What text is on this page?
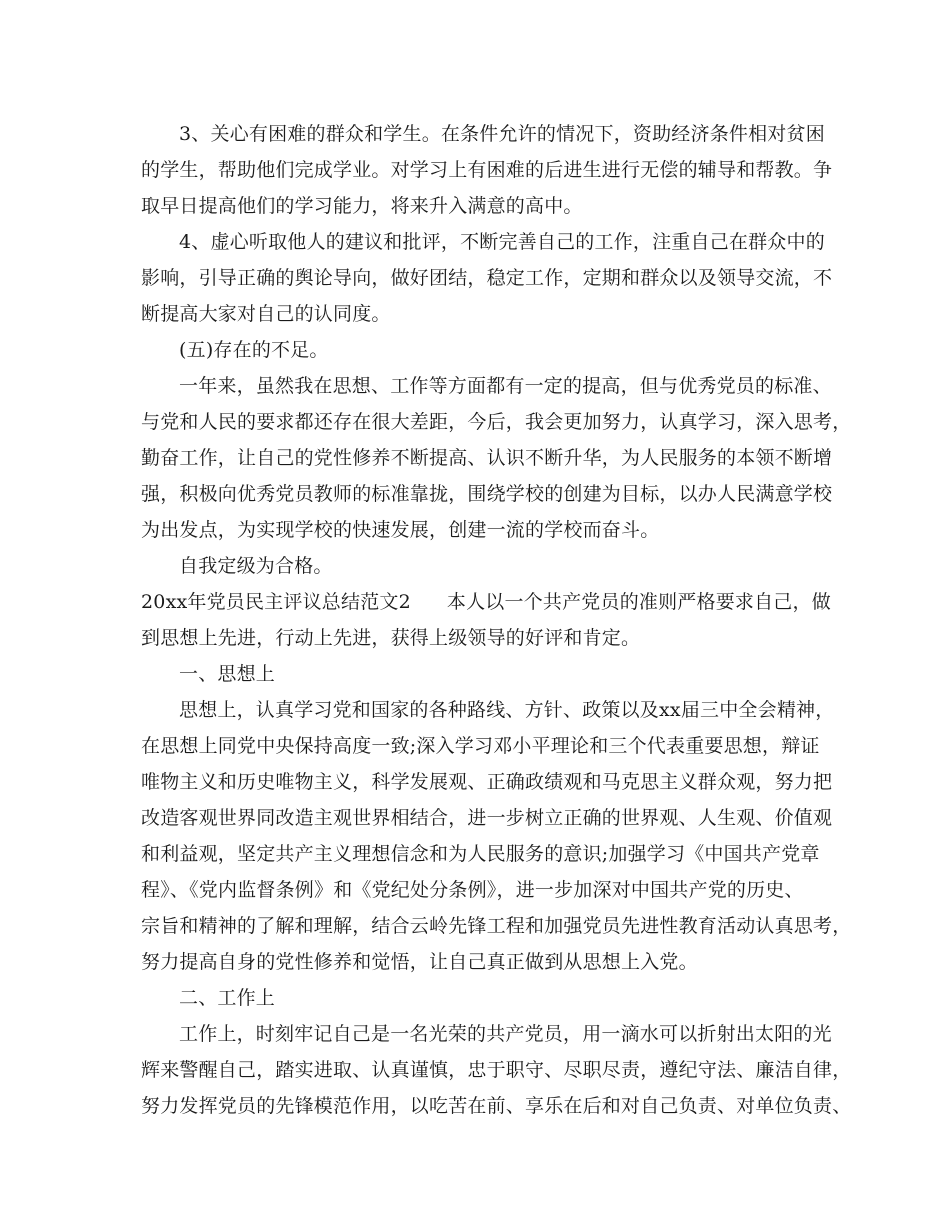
3、关心有困难的群众和学生。在条件允许的情况下，资助经济条件相对贫困
的学生，帮助他们完成学业。对学习上有困难的后进生进行无偿的辅导和帮教。争
取早日提高他们的学习能力，将来升入满意的高中。
4、虚心听取他人的建议和批评，不断完善自己的工作，注重自己在群众中的
影响，引导正确的舆论导向，做好团结，稳定工作，定期和群众以及领导交流，不
断提高大家对自己的认同度。
(五)存在的不足。
一年来，虽然我在思想、工作等方面都有一定的提高，但与优秀党员的标准、
与党和人民的要求都还存在很大差距，今后，我会更加努力，认真学习，深入思考，
勤奋工作，让自己的党性修养不断提高、认识不断升华，为人民服务的本领不断增
强，积极向优秀党员教师的标准靠拢，围绕学校的创建为目标，以办人民满意学校
为出发点，为实现学校的快速发展，创建一流的学校而奋斗。
自我定级为合格。
20xx年党员民主评议总结范文2 本人以一个共产党员的准则严格要求自己，做
到思想上先进，行动上先进，获得上级领导的好评和肯定。
一、思想上
思想上，认真学习党和国家的各种路线、方针、政策以及xx届三中全会精神，
在思想上同党中央保持高度一致;深入学习邓小平理论和三个代表重要思想，辩证
唯物主义和历史唯物主义，科学发展观、正确政绩观和马克思主义群众观，努力把
改造客观世界同改造主观世界相结合，进一步树立正确的世界观、人生观、价值观
和利益观，坚定共产主义理想信念和为人民服务的意识;加强学习《中国共产党章
程》、《党内监督条例》和《党纪处分条例》，进一步加深对中国共产党的历史、
宗旨和精神的了解和理解，结合云岭先锋工程和加强党员先进性教育活动认真思考，
努力提高自身的党性修养和觉悟，让自己真正做到从思想上入党。
二、工作上
工作上，时刻牢记自己是一名光荣的共产党员，用一滴水可以折射出太阳的光
辉来警醒自己，踏实进取、认真谨慎，忠于职守、尽职尽责，遵纪守法、廉洁自律，
努力发挥党员的先锋模范作用，以吃苦在前、享乐在后和对自己负责、对单位负责、
